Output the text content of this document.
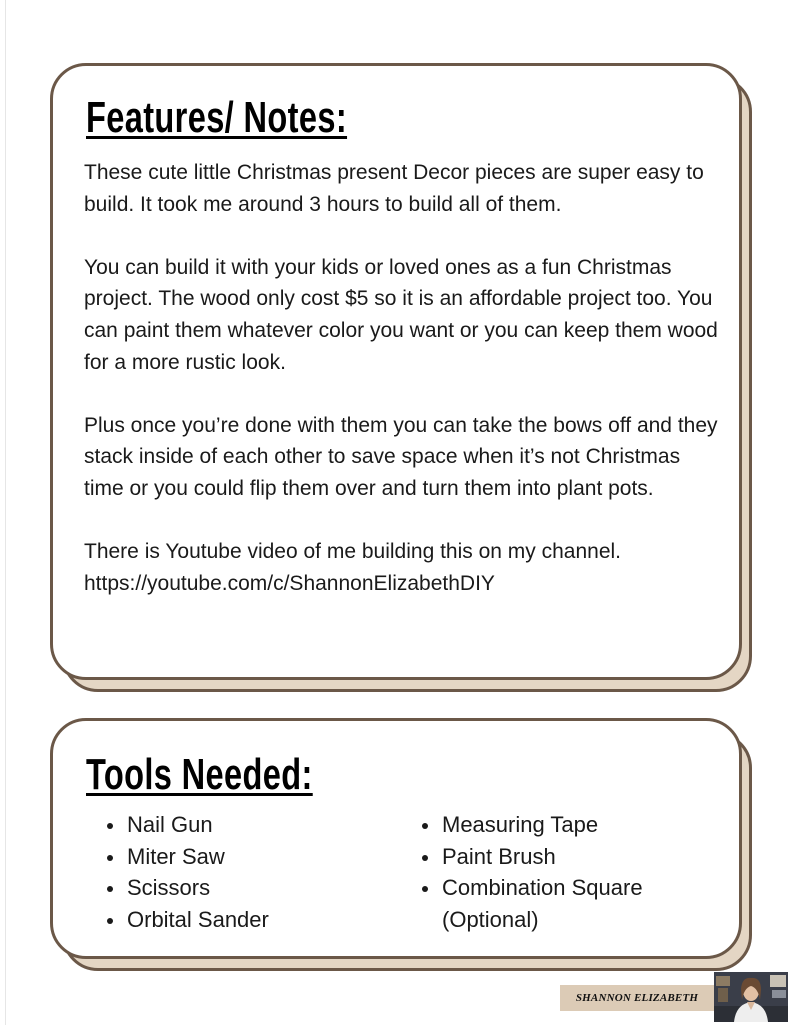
Features/ Notes:

These cute little Christmas present Decor pieces are super easy to build. It took me around 3 hours to build all of them.

You can build it with your kids or loved ones as a fun Christmas project. The wood only cost $5 so it is an affordable project too. You can paint them whatever color you want or you can keep them wood for a more rustic look.

Plus once you’re done with them you can take the bows off and they stack inside of each other to save space when it’s not Christmas time or you could flip them over and turn them into plant pots.

There is Youtube video of me building this on my channel. https://youtube.com/c/ShannonElizabethDIY

Tools Needed:
Nail Gun
Miter Saw
Scissors
Orbital Sander
Measuring Tape
Paint Brush
Combination Square
(Optional)
SHANNON ELIZABETH
